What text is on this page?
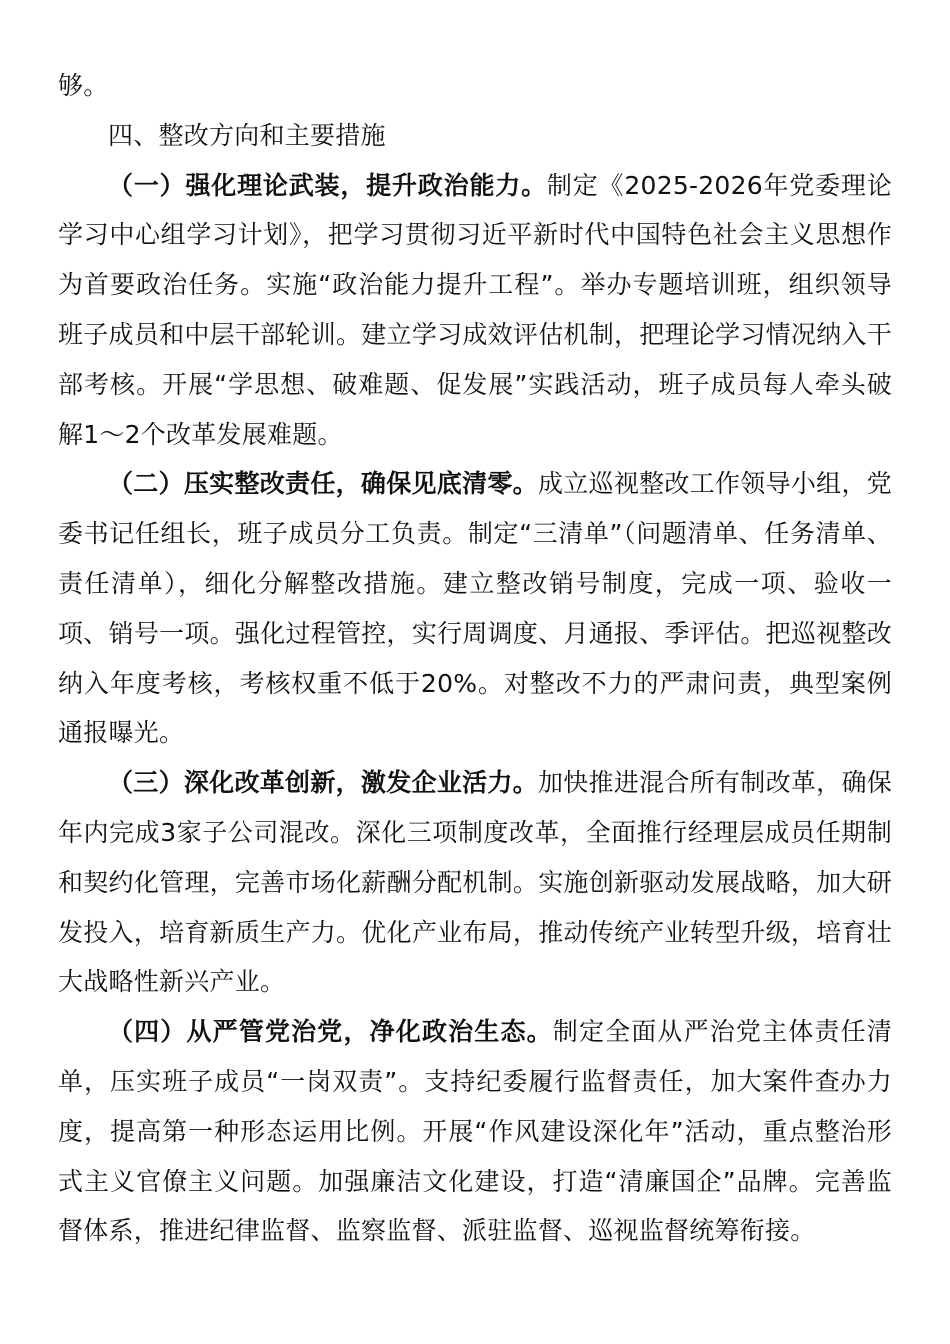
够。

四、整改方向和主要措施

（一）强化理论武装，提升政治能力。制定《2025-2026年党委理论学习中心组学习计划》，把学习贯彻习近平新时代中国特色社会主义思想作为首要政治任务。实施“政治能力提升工程”。举办专题培训班，组织领导班子成员和中层干部轮训。建立学习成效评估机制，把理论学习情况纳入干部考核。开展“学思想、破难题、促发展”实践活动，班子成员每人牵头破解1～2个改革发展难题。

（二）压实整改责任，确保见底清零。成立巡视整改工作领导小组，党委书记任组长，班子成员分工负责。制定“三清单”（问题清单、任务清单、责任清单），细化分解整改措施。建立整改销号制度，完成一项、验收一项、销号一项。强化过程管控，实行周调度、月通报、季评估。把巡视整改纳入年度考核，考核权重不低于20%。对整改不力的严肃问责，典型案例通报曝光。

（三）深化改革创新，激发企业活力。加快推进混合所有制改革，确保年内完成3家子公司混改。深化三项制度改革，全面推行经理层成员任期制和契约化管理，完善市场化薪酬分配机制。实施创新驱动发展战略，加大研发投入，培育新质生产力。优化产业布局，推动传统产业转型升级，培育壮大战略性新兴产业。

（四）从严管党治党，净化政治生态。制定全面从严治党主体责任清单，压实班子成员“一岗双责”。支持纪委履行监督责任，加大案件查办力度，提高第一种形态运用比例。开展“作风建设深化年”活动，重点整治形式主义官僚主义问题。加强廉洁文化建设，打造“清廉国企”品牌。完善监督体系，推进纪律监督、监察监督、派驻监督、巡视监督统筹衔接。
